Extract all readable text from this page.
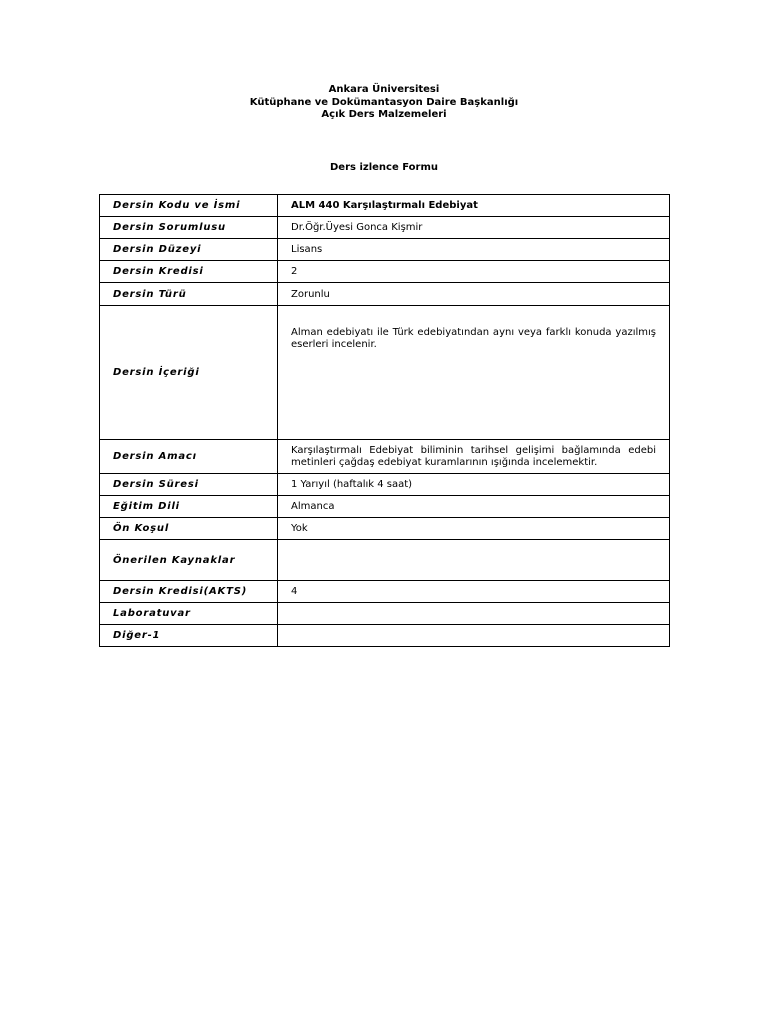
Ankara Üniversitesi
Kütüphane ve Dokümantasyon Daire Başkanlığı
Açık Ders Malzemeleri
Ders izlence Formu
Dersin Kodu ve İsmi	ALM 440 Karşılaştırmalı Edebiyat
Dersin Sorumlusu	Dr.Öğr.Üyesi Gonca Kişmir
Dersin Düzeyi	Lisans
Dersin Kredisi	2
Dersin Türü	Zorunlu
Dersin İçeriği	Alman edebiyatı ile Türk edebiyatından aynı veya farklı konuda yazılmış eserleri incelenir.
Dersin Amacı	Karşılaştırmalı Edebiyat biliminin tarihsel gelişimi bağlamında edebi metinleri çağdaş edebiyat kuramlarının ışığında incelemektir.
Dersin Süresi	1 Yarıyıl (haftalık 4 saat)
Eğitim Dili	Almanca
Ön Koşul	Yok
Önerilen Kaynaklar	
Dersin Kredisi(AKTS)	4
Laboratuvar	
Diğer-1	
